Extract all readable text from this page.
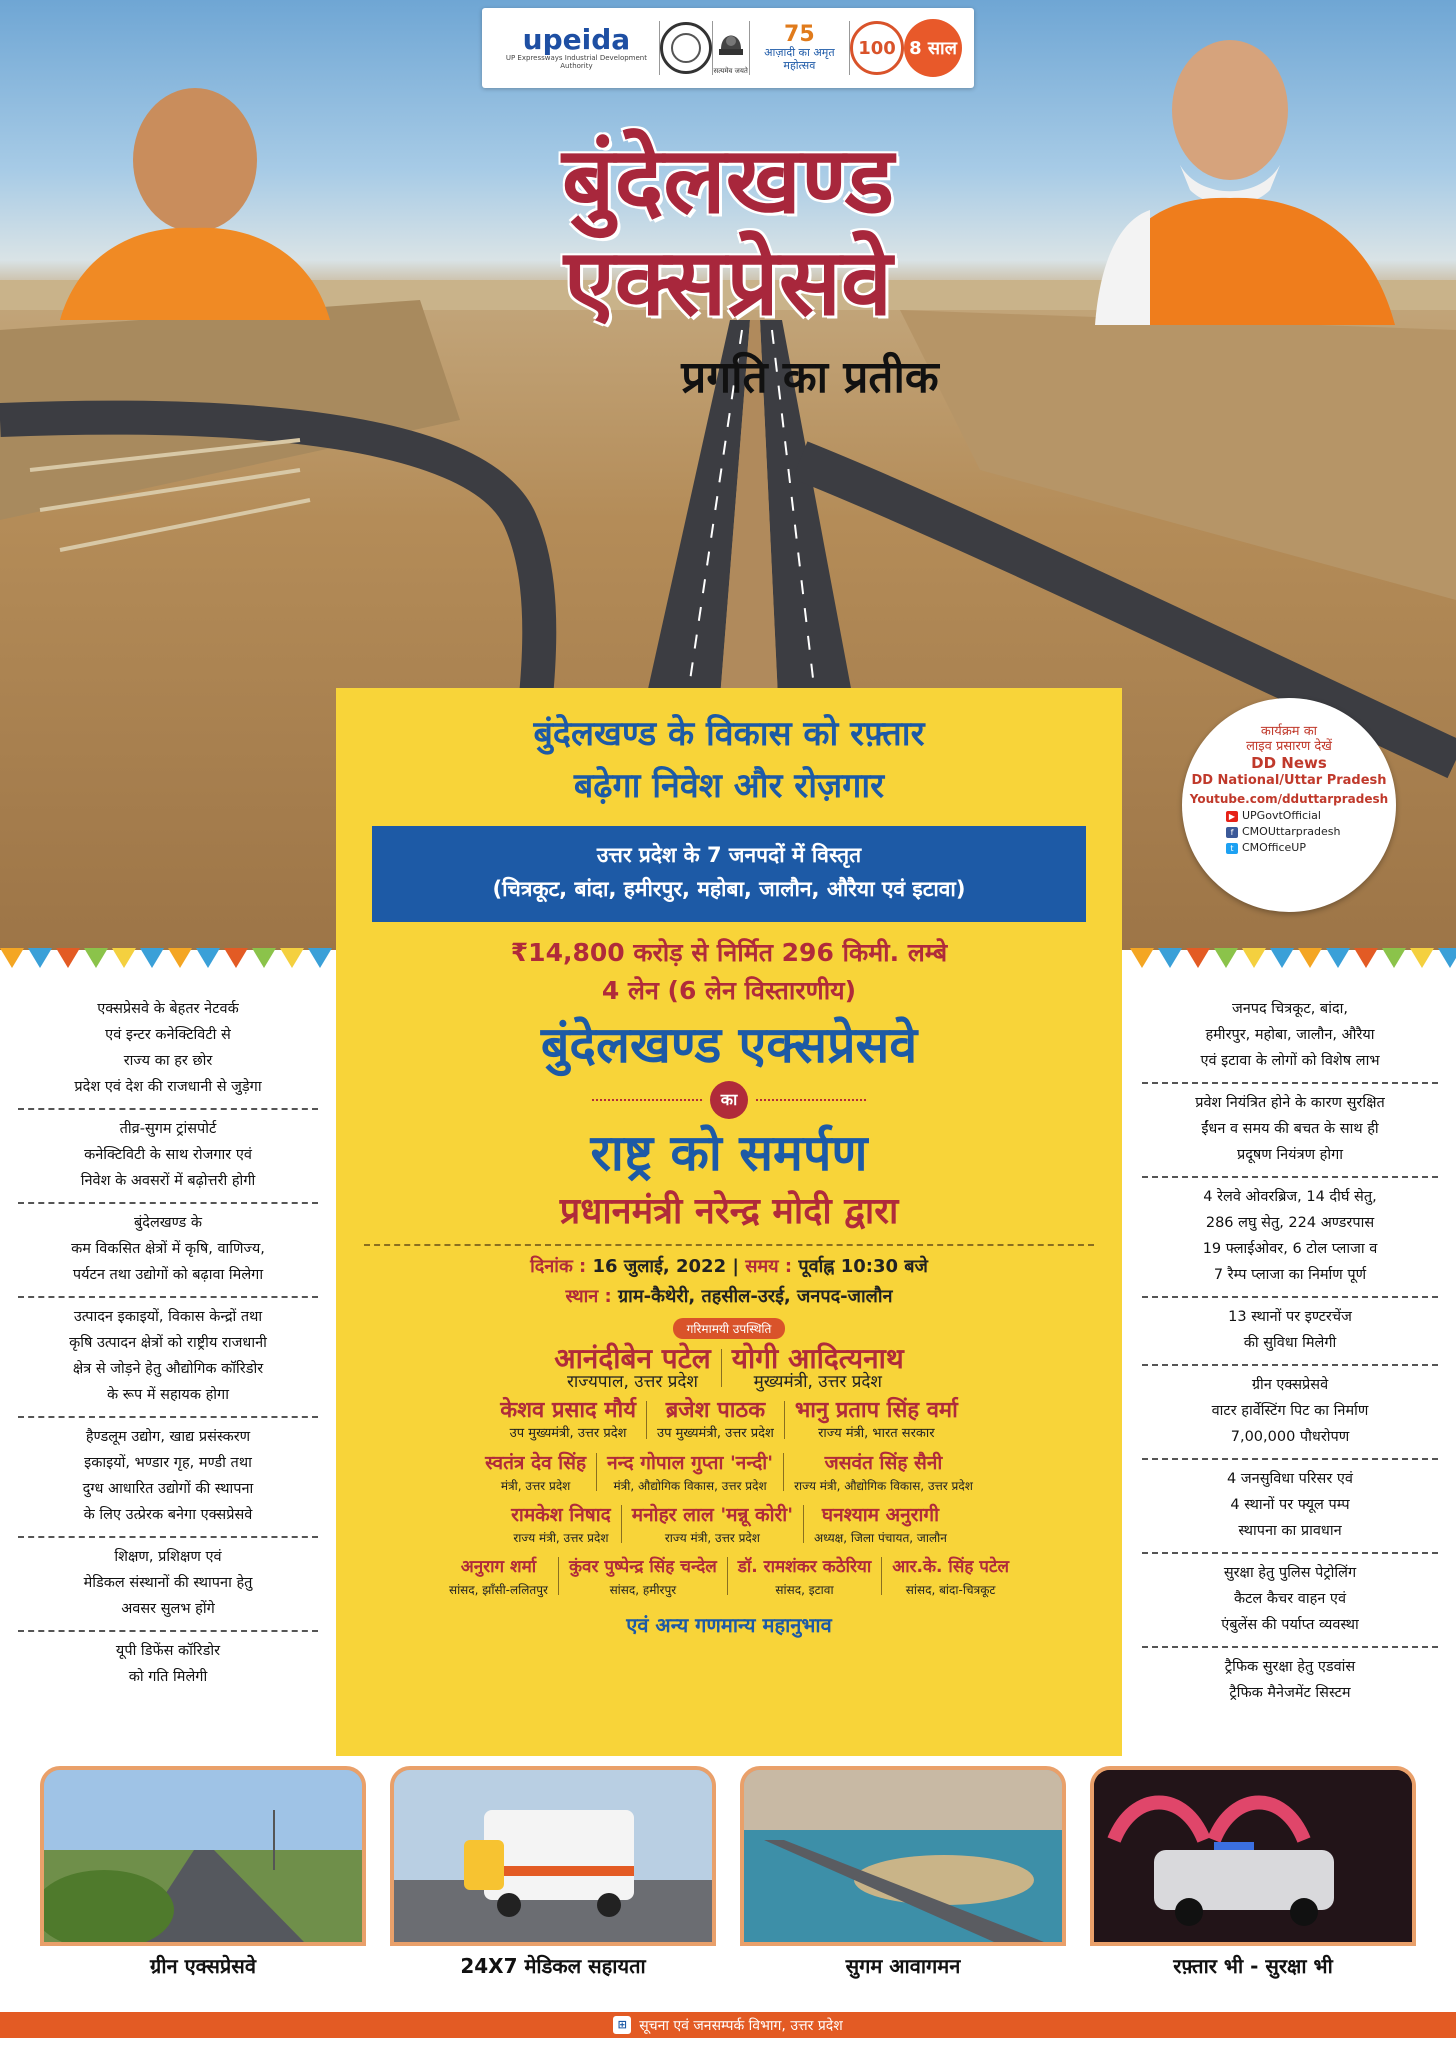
upeida
UP Expressways Industrial Development Authority
सत्यमेव जयते
75
आज़ादी का अमृत महोत्सव
100 8 साल
बुंदेलखण्ड
एक्सप्रेसवे
प्रगति का प्रतीक
कार्यक्रम का
लाइव प्रसारण देखें
DD News
DD National/Uttar Pradesh
Youtube.com/dduttarpradesh
▶ UPGovtOfficial
f CMOUttarpradesh
t CMOfficeUP
बुंदेलखण्ड के विकास को रफ़्तार
बढ़ेगा निवेश और रोज़गार
उत्तर प्रदेश के 7 जनपदों में विस्तृत
(चित्रकूट, बांदा, हमीरपुर, महोबा, जालौन, औरैया एवं इटावा)
₹14,800 करोड़ से निर्मित 296 किमी. लम्बे
4 लेन (6 लेन विस्तारणीय)
बुंदेलखण्ड एक्सप्रेसवे
का
राष्ट्र को समर्पण
प्रधानमंत्री नरेन्द्र मोदी द्वारा
दिनांक : 16 जुलाई, 2022 | समय : पूर्वाह्न 10:30 बजे
स्थान : ग्राम-कैथेरी, तहसील-उरई, जनपद-जालौन
गरिमामयी उपस्थिति
आनंदीबेन पटेल
राज्यपाल, उत्तर प्रदेश
योगी आदित्यनाथ
मुख्यमंत्री, उत्तर प्रदेश
केशव प्रसाद मौर्य
उप मुख्यमंत्री, उत्तर प्रदेश
ब्रजेश पाठक
उप मुख्यमंत्री, उत्तर प्रदेश
भानु प्रताप सिंह वर्मा
राज्य मंत्री, भारत सरकार
स्वतंत्र देव सिंह
मंत्री, उत्तर प्रदेश
नन्द गोपाल गुप्ता 'नन्दी'
मंत्री, औद्योगिक विकास, उत्तर प्रदेश
जसवंत सिंह सैनी
राज्य मंत्री, औद्योगिक विकास, उत्तर प्रदेश
रामकेश निषाद
राज्य मंत्री, उत्तर प्रदेश
मनोहर लाल 'मन्नू कोरी'
राज्य मंत्री, उत्तर प्रदेश
घनश्याम अनुरागी
अध्यक्ष, जिला पंचायत, जालौन
अनुराग शर्मा
सांसद, झाँसी-ललितपुर
कुंवर पुष्पेन्द्र सिंह चन्देल
सांसद, हमीरपुर
डॉ. रामशंकर कठेरिया
सांसद, इटावा
आर.के. सिंह पटेल
सांसद, बांदा-चित्रकूट
एवं अन्य गणमान्य महानुभाव
एक्सप्रेसवे के बेहतर नेटवर्क
एवं इन्टर कनेक्टिविटी से
राज्य का हर छोर
प्रदेश एवं देश की राजधानी से जुड़ेगा
तीव्र-सुगम ट्रांसपोर्ट
कनेक्टिविटी के साथ रोजगार एवं
निवेश के अवसरों में बढ़ोत्तरी होगी
बुंदेलखण्ड के
कम विकसित क्षेत्रों में कृषि, वाणिज्य,
पर्यटन तथा उद्योगों को बढ़ावा मिलेगा
उत्पादन इकाइयों, विकास केन्द्रों तथा
कृषि उत्पादन क्षेत्रों को राष्ट्रीय राजधानी
क्षेत्र से जोड़ने हेतु औद्योगिक कॉरिडोर
के रूप में सहायक होगा
हैण्डलूम उद्योग, खाद्य प्रसंस्करण
इकाइयों, भण्डार गृह, मण्डी तथा
दुग्ध आधारित उद्योगों की स्थापना
के लिए उत्प्रेरक बनेगा एक्सप्रेसवे
शिक्षण, प्रशिक्षण एवं
मेडिकल संस्थानों की स्थापना हेतु
अवसर सुलभ होंगे
यूपी डिफेंस कॉरिडोर
को गति मिलेगी
जनपद चित्रकूट, बांदा,
हमीरपुर, महोबा, जालौन, औरैया
एवं इटावा के लोगों को विशेष लाभ
प्रवेश नियंत्रित होने के कारण सुरक्षित
ईंधन व समय की बचत के साथ ही
प्रदूषण नियंत्रण होगा
4 रेलवे ओवरब्रिज, 14 दीर्घ सेतु,
286 लघु सेतु, 224 अण्डरपास
19 फ्लाईओवर, 6 टोल प्लाजा व
7 रैम्प प्लाजा का निर्माण पूर्ण
13 स्थानों पर इण्टरचेंज
की सुविधा मिलेगी
ग्रीन एक्सप्रेसवे
वाटर हार्वेस्टिंग पिट का निर्माण
7,00,000 पौधरोपण
4 जनसुविधा परिसर एवं
4 स्थानों पर फ्यूल पम्प
स्थापना का प्रावधान
सुरक्षा हेतु पुलिस पेट्रोलिंग
कैटल कैचर वाहन एवं
एंबुलेंस की पर्याप्त व्यवस्था
ट्रैफिक सुरक्षा हेतु एडवांस
ट्रैफिक मैनेजमेंट सिस्टम
ग्रीन एक्सप्रेसवे	24X7 मेडिकल सहायता	सुगम आवागमन	रफ़्तार भी - सुरक्षा भी
⊞ सूचना एवं जनसम्पर्क विभाग, उत्तर प्रदेश
